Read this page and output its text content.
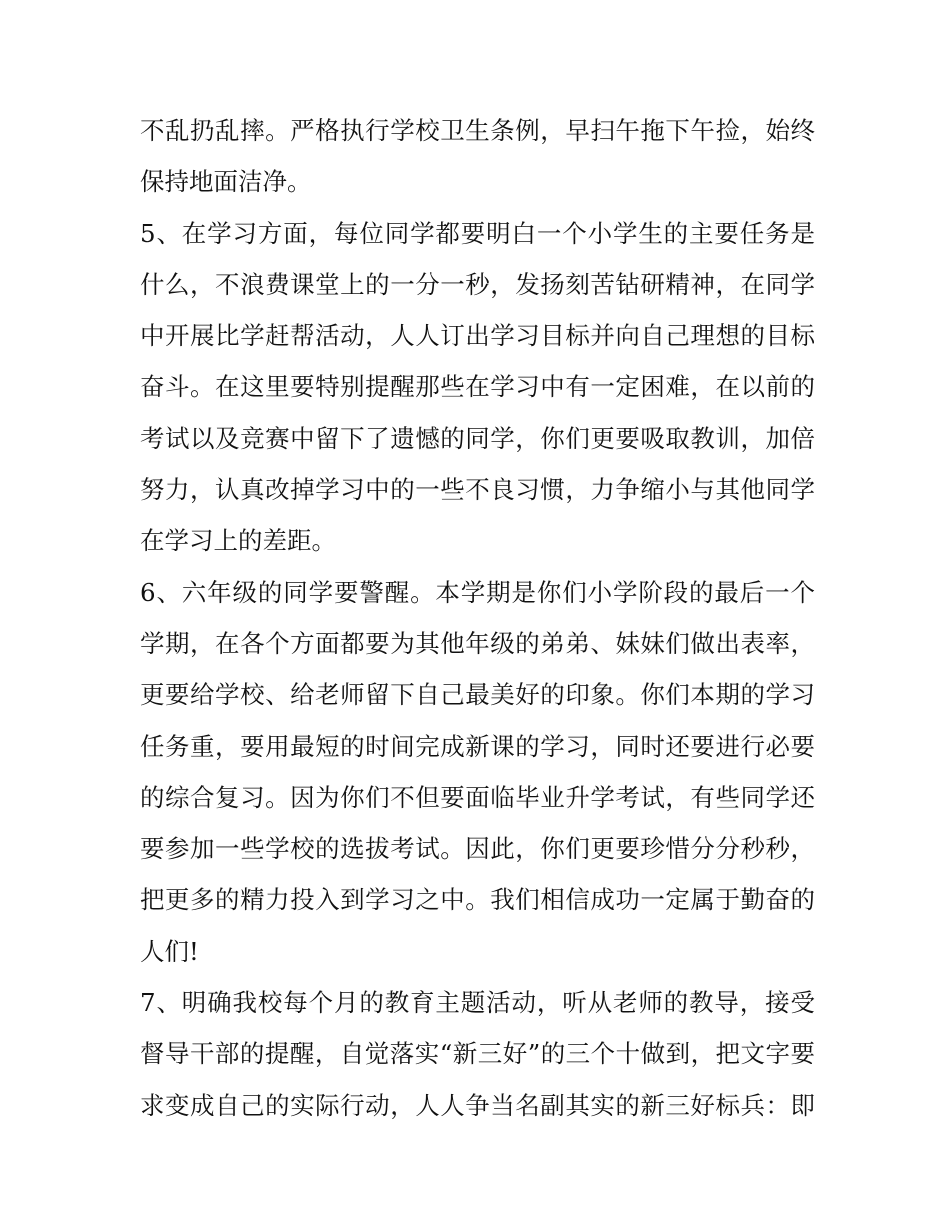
不乱扔乱摔。严格执行学校卫生条例，早扫午拖下午捡，始终
保持地面洁净。
5、在学习方面，每位同学都要明白一个小学生的主要任务是
什么，不浪费课堂上的一分一秒，发扬刻苦钻研精神，在同学
中开展比学赶帮活动，人人订出学习目标并向自己理想的目标
奋斗。在这里要特别提醒那些在学习中有一定困难，在以前的
考试以及竞赛中留下了遗憾的同学，你们更要吸取教训，加倍
努力，认真改掉学习中的一些不良习惯，力争缩小与其他同学
在学习上的差距。
6、六年级的同学要警醒。本学期是你们小学阶段的最后一个
学期，在各个方面都要为其他年级的弟弟、妹妹们做出表率，
更要给学校、给老师留下自己最美好的印象。你们本期的学习
任务重，要用最短的时间完成新课的学习，同时还要进行必要
的综合复习。因为你们不但要面临毕业升学考试，有些同学还
要参加一些学校的选拔考试。因此，你们更要珍惜分分秒秒，
把更多的精力投入到学习之中。我们相信成功一定属于勤奋的
人们!
7、明确我校每个月的教育主题活动，听从老师的教导，接受
督导干部的提醒，自觉落实“新三好”的三个十做到，把文字要
求变成自己的实际行动，人人争当名副其实的新三好标兵：即
